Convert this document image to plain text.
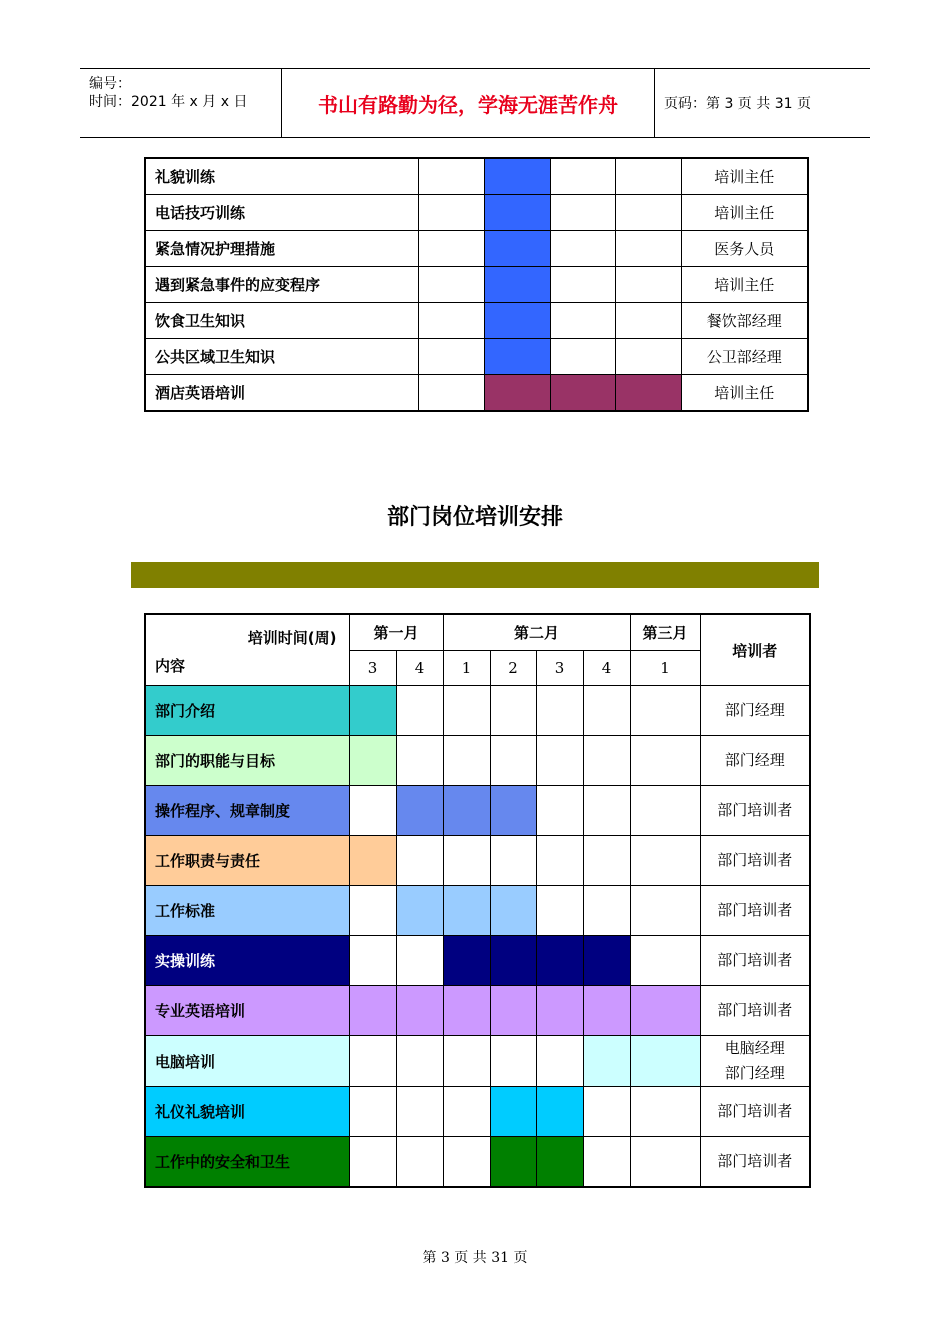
编号：
时间：2021 年 x 月 x 日	书山有路勤为径，学海无涯苦作舟	页码：第 3 页 共 31 页
礼貌训练					培训主任
电话技巧训练					培训主任
紧急情况护理措施					医务人员
遇到紧急事件的应变程序					培训主任
饮食卫生知识					餐饮部经理
公共区域卫生知识					公卫部经理
酒店英语培训					培训主任
部门岗位培训安排
培训时间(周)
内容	第一月		第二月				第三月	培训者
	3	4	1	2	3	4	1	
部门介绍								部门经理
部门的职能与目标								部门经理
操作程序、规章制度								部门培训者
工作职责与责任								部门培训者
工作标准								部门培训者
实操训练								部门培训者
专业英语培训								部门培训者
电脑培训								电脑经理
部门经理
礼仪礼貌培训								部门培训者
工作中的安全和卫生								部门培训者
第 3 页 共 31 页
